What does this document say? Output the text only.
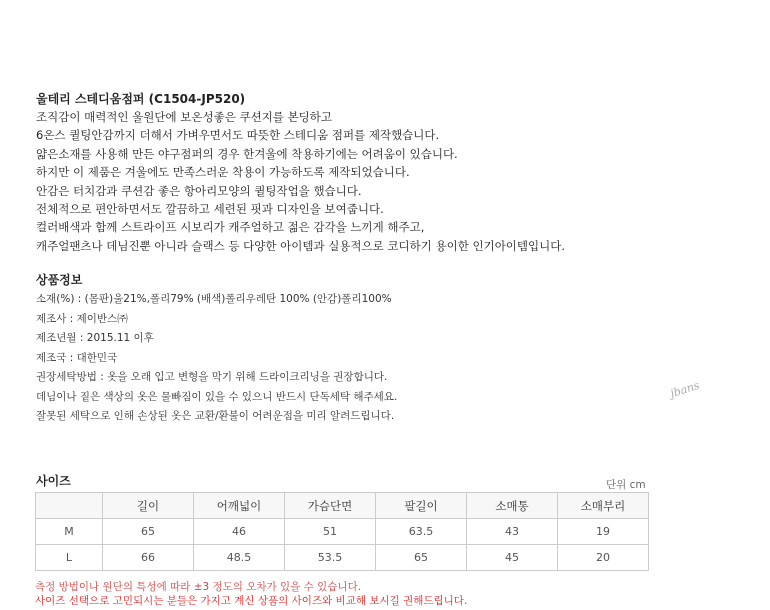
울테리 스테디움점퍼 (C1504-JP520)
조직감이 매력적인 울원단에 보온성좋은 쿠션지를 본딩하고
6온스 퀼팅안감까지 더해서 가벼우면서도 따뜻한 스테디움 점퍼를 제작했습니다.
얇은소재를 사용해 만든 야구점퍼의 경우 한겨울에 착용하기에는 어려움이 있습니다.
하지만 이 제품은 겨울에도 만족스러운 착용이 가능하도록 제작되었습니다.
안감은 터치감과 쿠션감 좋은 항아리모양의 퀼팅작업을 했습니다.
전체적으로 편안하면서도 깔끔하고 세련된 핏과 디자인을 보여줍니다.
컬러배색과 함께 스트라이프 시보리가 캐주얼하고 젊은 감각을 느끼게 해주고,
캐주얼팬츠나 데님진뿐 아니라 슬랙스 등 다양한 아이템과 실용적으로 코디하기 용이한 인기아이템입니다.
상품정보
소재(%) : (몸판)울21%,폴리79% (배색)폴리우레탄 100% (안감)폴리100%
제조사 : 제이반스㈜
제조년월 : 2015.11 이후
제조국 : 대한민국
권장세탁방법 : 옷을 오래 입고 변형을 막기 위해 드라이크리닝을 권장합니다.
데님이나 짙은 색상의 옷은 물빠짐이 있을 수 있으니 반드시 단독세탁 해주세요.
잘못된 세탁으로 인해 손상된 옷은 교환/환불이 어려운점을 미리 알려드립니다.
jbans
사이즈	단위 cm
	길이	어깨넓이	가슴단면	팔길이	소매통	소매부리
M	65	46	51	63.5	43	19
L	66	48.5	53.5	65	45	20
측정 방법이나 원단의 특성에 따라 ±3 정도의 오차가 있을 수 있습니다.
사이즈 선택으로 고민되시는 분들은 가지고 계신 상품의 사이즈와 비교해 보시길 권해드립니다.
